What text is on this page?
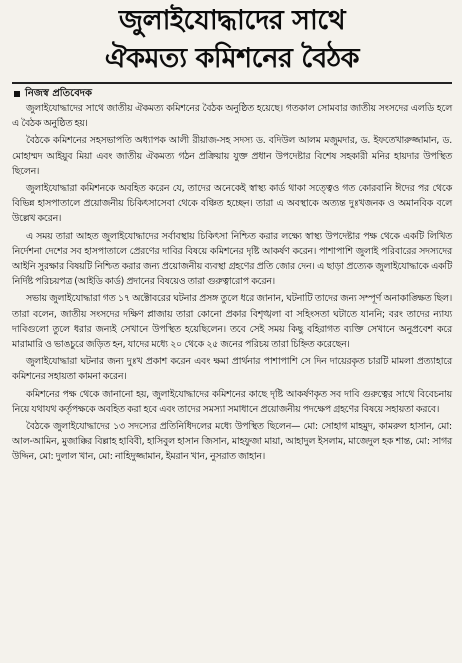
জুলাইযোদ্ধাদের সাথে
ঐকমত্য কমিশনের বৈঠক
নিজস্ব প্রতিবেদক

জুলাইযোদ্ধাদের সাথে জাতীয় ঐকমত্য কমিশনের বৈঠক অনুষ্ঠিত হয়েছে। গতকাল সোমবার জাতীয় সংসদের এলডি হলে এ বৈঠক অনুষ্ঠিত হয়।

বৈঠকে কমিশনের সহসভাপতি অধ্যাপক আলী রীয়াজ-সহ সদস্য ড. বদিউল আলম মজুমদার, ড. ইফতেখারুজ্জামান, ড. মোহাম্মদ আইয়ুব মিয়া এবং জাতীয় ঐকমত্য গঠন প্রক্রিয়ায় যুক্ত প্রধান উপদেষ্টার বিশেষ সহকারী মনির হায়দার উপস্থিত ছিলেন।

জুলাইযোদ্ধারা কমিশনকে অবহিত করেন যে, তাদের অনেকেই স্বাস্থ্য কার্ড থাকা সত্ত্বেও গত কোরবানি ঈদের পর থেকে বিভিন্ন হাসপাতালে প্রয়োজনীয় চিকিৎসাসেবা থেকে বঞ্চিত হচ্ছেন। তারা এ অবস্থাকে অত্যন্ত দুঃখজনক ও অমানবিক বলে উল্লেখ করেন।

এ সময় তারা আহত জুলাইযোদ্ধাদের সর্বাবস্থায় চিকিৎসা নিশ্চিত করার লক্ষ্যে স্বাস্থ্য উপদেষ্টার পক্ষ থেকে একটি লিখিত নির্দেশনা দেশের সব হাসপাতালে প্রেরণের দাবির বিষয়ে কমিশনের দৃষ্টি আকর্ষণ করেন। পাশাপাশি জুলাই পরিবারের সদস্যদের আইনি সুরক্ষার বিষয়টি নিশ্চিত করার জন্য প্রয়োজনীয় ব্যবস্থা গ্রহণের প্রতি জোর দেন। এ ছাড়া প্রত্যেক জুলাইযোদ্ধাকে একটি নির্দিষ্ট পরিচয়পত্র (আইডি কার্ড) প্রদানের বিষয়েও তারা গুরুত্বারোপ করেন।

সভায় জুলাইযোদ্ধারা গত ১৭ অক্টোবরের ঘটনার প্রসঙ্গ তুলে ধরে জানান, ঘটনাটি তাদের জন্য সম্পূর্ণ অনাকাঙ্ক্ষিত ছিল। তারা বলেন, জাতীয় সংসদের দক্ষিণ প্লাজায় তারা কোনো প্রকার বিশৃঙ্খলা বা সহিংসতা ঘটাতে যাননি; বরং তাদের ন্যায্য দাবিগুলো তুলে ধরার জন্যই সেখানে উপস্থিত হয়েছিলেন। তবে সেই সময় কিছু বহিরাগত ব্যক্তি সেখানে অনুপ্রবেশ করে মারামারি ও ভাঙচুরে জড়িত হন, যাদের মধ্যে ২০ থেকে ২৫ জনের পরিচয় তারা চিহ্নিত করেছেন।

জুলাইযোদ্ধারা ঘটনার জন্য দুঃখ প্রকাশ করেন এবং ক্ষমা প্রার্থনার পাশাপাশি সে দিন দায়েরকৃত চারটি মামলা প্রত্যাহারে কমিশনের সহায়তা কামনা করেন।

কমিশনের পক্ষ থেকে জানানো হয়, জুলাইযোদ্ধাদের কমিশনের কাছে দৃষ্টি আকর্ষণকৃত সব দাবি গুরুত্বের সাথে বিবেচনায় নিয়ে যথাযথ কর্তৃপক্ষকে অবহিত করা হবে এবং তাদের সমস্যা সমাধানে প্রয়োজনীয় পদক্ষেপ গ্রহণের বিষয়ে সহায়তা করবে।

বৈঠকে জুলাইযোদ্ধাদের ১৩ সদস্যের প্রতিনিধিদলের মধ্যে উপস্থিত ছিলেন— মো: সোহাগ মাহমুদ, কামরুল হাসান, মো: আল-আমিন, মুজাক্কির বিল্লাহ হাবিবী, হাসিবুল হাসান জিসান, মাহফুজা মায়া, আহাদুল ইসলাম, মাজেদুল হক শান্ত, মো: সাগর উদ্দিন, মো: দুলাল খান, মো: নাহিদুজ্জামান, ইমরান খান, নুসরাত জাহান।
